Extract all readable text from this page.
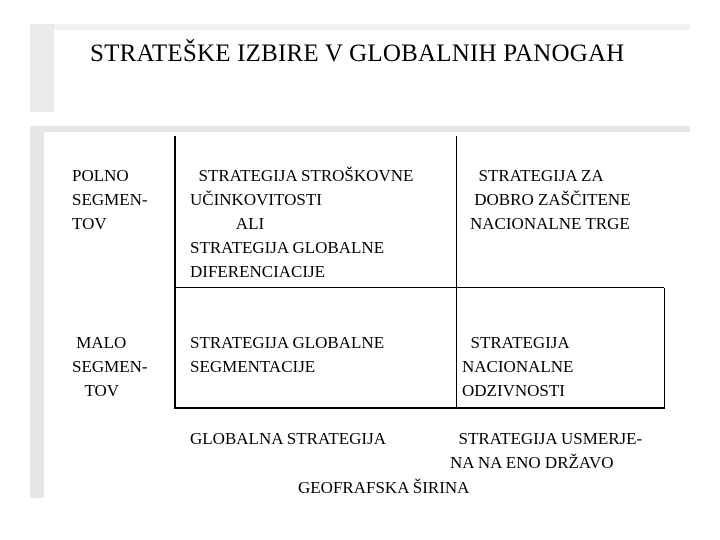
STRATEŠKE IZBIRE V GLOBALNIH PANOGAH
POLNO
SEGMEN-
TOV
MALO
SEGMEN-
TOV
STRATEGIJA STROŠKOVNE
UČINKOVITOSTI
ALI
STRATEGIJA GLOBALNE
DIFERENCIACIJE
STRATEGIJA ZA
DOBRO ZAŠČITENE
NACIONALNE TRGE
STRATEGIJA GLOBALNE
SEGMENTACIJE
STRATEGIJA
NACIONALNE
ODZIVNOSTI
GLOBALNA STRATEGIJA	STRATEGIJA USMERJE-
NA NA ENO DRŽAVO
GEOFRAFSKA ŠIRINA
